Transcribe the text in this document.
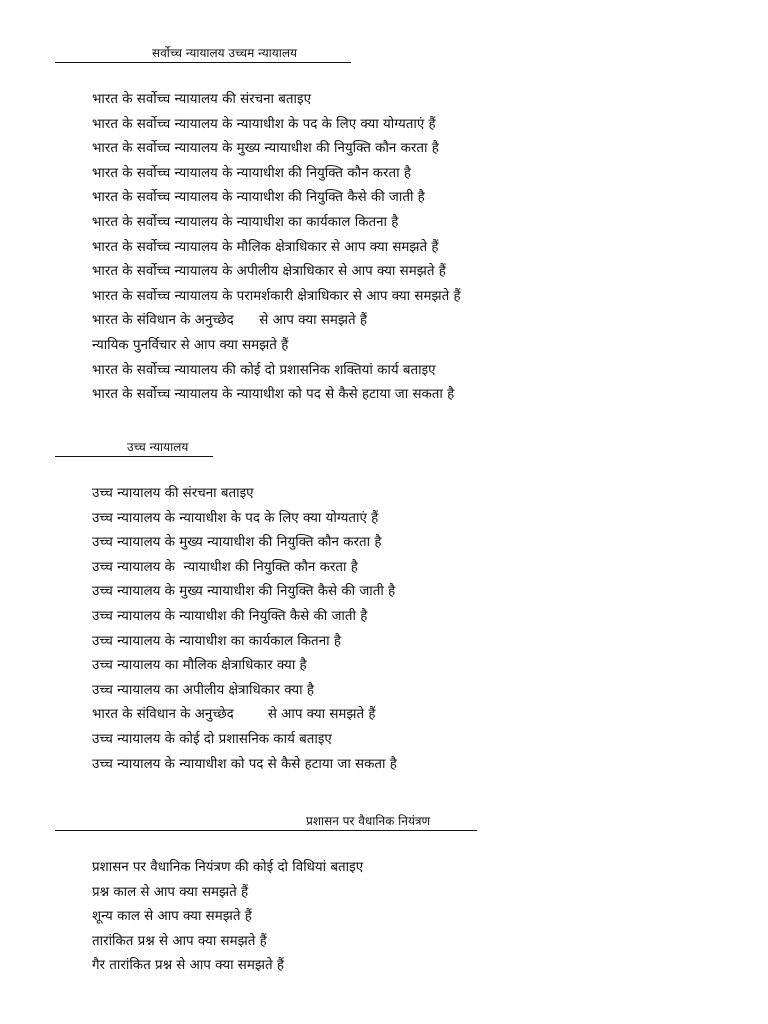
सर्वोच्च न्यायालय उच्चम न्यायालय
भारत के सर्वोच्च न्यायालय की संरचना बताइए
भारत के सर्वोच्च न्यायालय के न्यायाधीश के पद के लिए क्या योग्यताएं हैं
भारत के सर्वोच्च न्यायालय के मुख्य न्यायाधीश की नियुक्ति कौन करता है
भारत के सर्वोच्च न्यायालय के न्यायाधीश की नियुक्ति कौन करता है
भारत के सर्वोच्च न्यायालय के न्यायाधीश की नियुक्ति कैसे की जाती है
भारत के सर्वोच्च न्यायालय के न्यायाधीश का कार्यकाल कितना है
भारत के सर्वोच्च न्यायालय के मौलिक क्षेत्राधिकार से आप क्या समझते हैं
भारत के सर्वोच्च न्यायालय के अपीलीय क्षेत्राधिकार से आप क्या समझते हैं
भारत के सर्वोच्च न्यायालय के परामर्शकारी क्षेत्राधिकार से आप क्या समझते हैं
भारत के संविधान के अनुच्छेद      से आप क्या समझते हैं
न्यायिक पुनर्विचार से आप क्या समझते हैं
भारत के सर्वोच्च न्यायालय की कोई दो प्रशासनिक शक्तियां कार्य बताइए
भारत के सर्वोच्च न्यायालय के न्यायाधीश को पद से कैसे हटाया जा सकता है
उच्च न्यायालय
उच्च न्यायालय की संरचना बताइए
उच्च न्यायालय के न्यायाधीश के पद के लिए क्या योग्यताएं हैं
उच्च न्यायालय के मुख्य न्यायाधीश की नियुक्ति कौन करता है
उच्च न्यायालय के  न्यायाधीश की नियुक्ति कौन करता है
उच्च न्यायालय के मुख्य न्यायाधीश की नियुक्ति कैसे की जाती है
उच्च न्यायालय के न्यायाधीश की नियुक्ति कैसे की जाती है
उच्च न्यायालय के न्यायाधीश का कार्यकाल कितना है
उच्च न्यायालय का मौलिक क्षेत्राधिकार क्या है
उच्च न्यायालय का अपीलीय क्षेत्राधिकार क्या है
भारत के संविधान के अनुच्छेद        से आप क्या समझते हैं
उच्च न्यायालय के कोई दो प्रशासनिक कार्य बताइए
उच्च न्यायालय के न्यायाधीश को पद से कैसे हटाया जा सकता है
प्रशासन पर वैधानिक नियंत्रण
प्रशासन पर वैधानिक नियंत्रण की कोई दो विधियां बताइए
प्रश्न काल से आप क्या समझते हैं
शून्य काल से आप क्या समझते हैं
तारांकित प्रश्न से आप क्या समझते हैं
गैर तारांकित प्रश्न से आप क्या समझते हैं
